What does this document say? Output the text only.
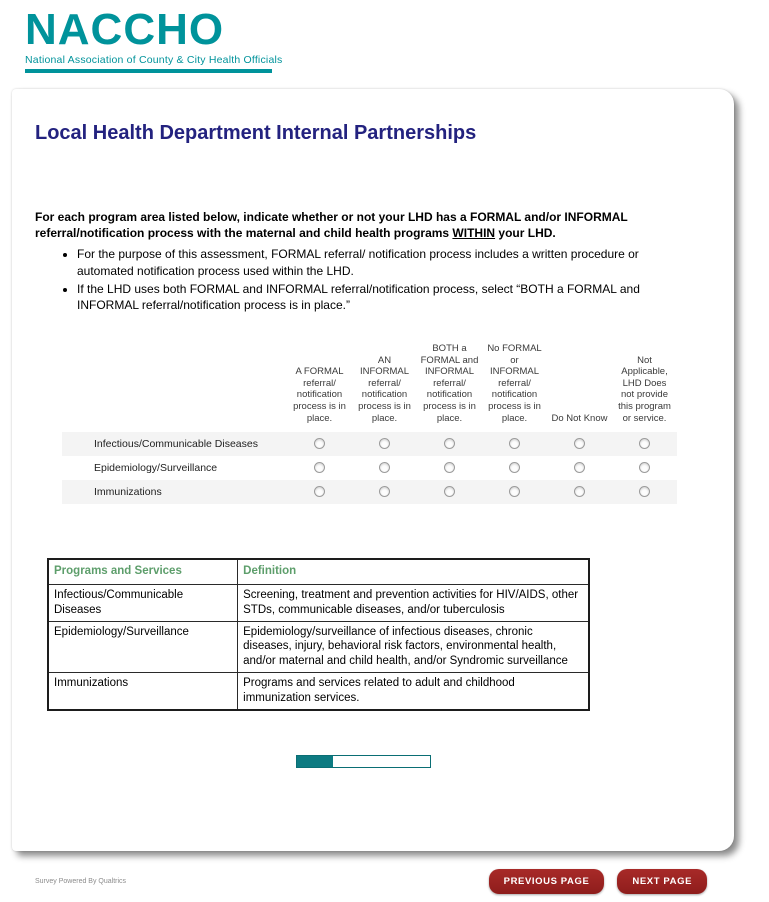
NACCHO
National Association of County & City Health Officials
Local Health Department Internal Partnerships
For each program area listed below, indicate whether or not your LHD has a FORMAL and/or INFORMAL referral/notification process with the maternal and child health programs WITHIN your LHD.
• For the purpose of this assessment, FORMAL referral/ notification process includes a written procedure or automated notification process used within the LHD.
• If the LHD uses both FORMAL and INFORMAL referral/notification process, select “BOTH a FORMAL and INFORMAL referral/notification process is in place.”
	A FORMAL referral/ notification process is in place.	AN INFORMAL referral/ notification process is in place.	BOTH a FORMAL and INFORMAL referral/ notification process is in place.	No FORMAL or INFORMAL referral/ notification process is in place.	Do Not Know	Not Applicable, LHD Does not provide this program or service.
Infectious/Communicable Diseases						
Epidemiology/Surveillance						
Immunizations						
Programs and Services	Definition
Infectious/Communicable Diseases	Screening, treatment and prevention activities for HIV/AIDS, other STDs, communicable diseases, and/or tuberculosis
Epidemiology/Surveillance	Epidemiology/surveillance of infectious diseases, chronic diseases, injury, behavioral risk factors, environmental health, and/or maternal and child health, and/or Syndromic surveillance
Immunizations	Programs and services related to adult and childhood immunization services.
Survey Powered By Qualtrics	PREVIOUS PAGE	NEXT PAGE
